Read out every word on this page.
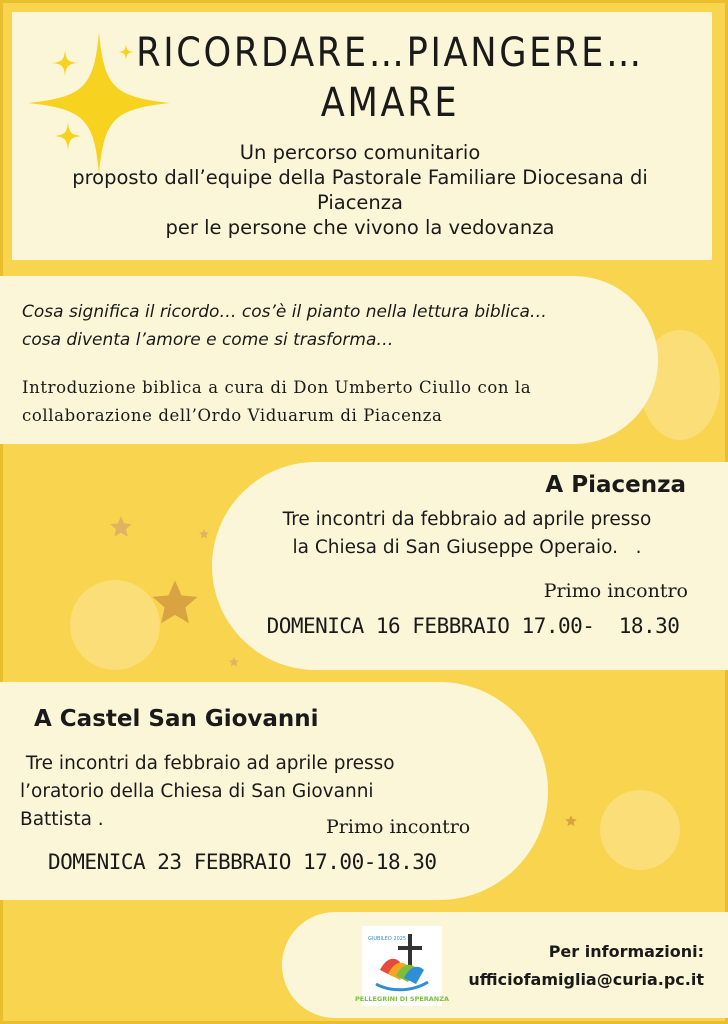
RICORDARE…PIANGERE…
AMARE
Un percorso comunitario
proposto dall’equipe della Pastorale Familiare Diocesana di
Piacenza
per le persone che vivono la vedovanza
Cosa significa il ricordo… cos’è il pianto nella lettura biblica…
cosa diventa l’amore e come si trasforma…
Introduzione biblica a cura di Don Umberto Ciullo con la
collaborazione dell’Ordo Viduarum di Piacenza
A Piacenza
Tre incontri da febbraio ad aprile presso
la Chiesa di San Giuseppe Operaio.   .
Primo incontro
DOMENICA 16 FEBBRAIO 17.00-  18.30
A Castel San Giovanni
Tre incontri da febbraio ad aprile presso
l’oratorio della Chiesa di San Giovanni
Battista .	Primo incontro
DOMENICA 23 FEBBRAIO 17.00-18.30
PELLEGRINI DI SPERANZA
GIUBILEO 2025
Per informazioni:
ufficiofamiglia@curia.pc.it
